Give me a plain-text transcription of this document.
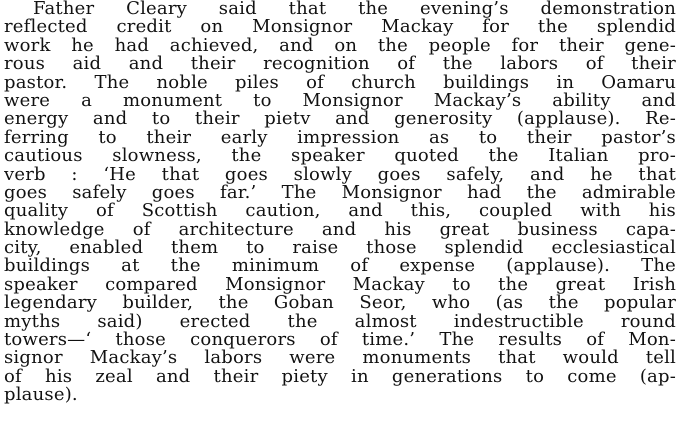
Father Cleary said that the evening’s demonstration
reflected credit on Monsignor Mackay for the splendid
work he had achieved, and on the people for their gene-
rous aid and their recognition of the labors of their
pastor. The noble piles of church buildings in Oamaru
were a monument to Monsignor Mackay’s ability and
energy and to their pietv and generosity (applause). Re-
ferring to their early impression as to their pastor’s
cautious slowness, the speaker quoted the Italian pro-
verb : ‘He that goes slowly goes safely, and he that
goes safely goes far.’ The Monsignor had the admirable
quality of Scottish caution, and this, coupled with his
knowledge of architecture and his great business capa-
city, enabled them to raise those splendid ecclesiastical
buildings at the minimum of expense (applause). The
speaker compared Monsignor Mackay to the great Irish
legendary builder, the Goban Seor, who (as the popular
myths said) erected the almost indestructible round
towers—‘ those conquerors of time.’ The results of Mon-
signor Mackay’s labors were monuments that would tell
of his zeal and their piety in generations to come (ap-
plause).
